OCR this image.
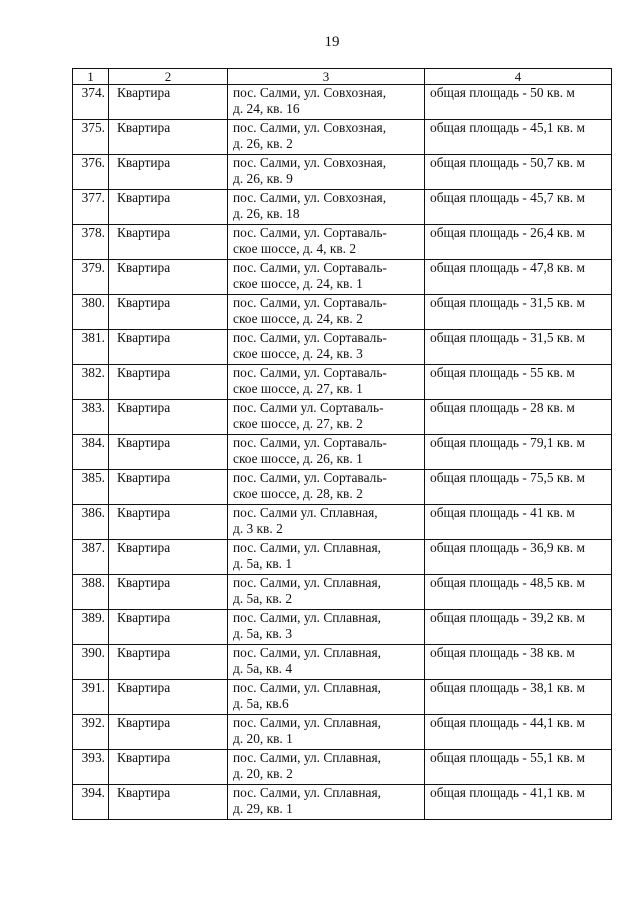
19
1	2	3	4
374.	Квартира	пос. Салми, ул. Совхозная,
д. 24, кв. 16	общая площадь - 50 кв. м
375.	Квартира	пос. Салми, ул. Совхозная,
д. 26, кв. 2	общая площадь - 45,1 кв. м
376.	Квартира	пос. Салми, ул. Совхозная,
д. 26, кв. 9	общая площадь - 50,7 кв. м
377.	Квартира	пос. Салми, ул. Совхозная,
д. 26, кв. 18	общая площадь - 45,7 кв. м
378.	Квартира	пос. Салми, ул. Сортаваль-
ское шоссе, д. 4, кв. 2	общая площадь - 26,4 кв. м
379.	Квартира	пос. Салми, ул. Сортаваль-
ское шоссе, д. 24, кв. 1	общая площадь - 47,8 кв. м
380.	Квартира	пос. Салми, ул. Сортаваль-
ское шоссе, д. 24, кв. 2	общая площадь - 31,5 кв. м
381.	Квартира	пос. Салми, ул. Сортаваль-
ское шоссе, д. 24, кв. 3	общая площадь - 31,5 кв. м
382.	Квартира	пос. Салми, ул. Сортаваль-
ское шоссе, д. 27, кв. 1	общая площадь - 55 кв. м
383.	Квартира	пос. Салми ул. Сортаваль-
ское шоссе, д. 27, кв. 2	общая площадь - 28 кв. м
384.	Квартира	пос. Салми, ул. Сортаваль-
ское шоссе, д. 26, кв. 1	общая площадь - 79,1 кв. м
385.	Квартира	пос. Салми, ул. Сортаваль-
ское шоссе, д. 28, кв. 2	общая площадь - 75,5 кв. м
386.	Квартира	пос. Салми ул. Сплавная,
д. 3 кв. 2	общая площадь - 41 кв. м
387.	Квартира	пос. Салми, ул. Сплавная,
д. 5а, кв. 1	общая площадь - 36,9 кв. м
388.	Квартира	пос. Салми, ул. Сплавная,
д. 5а, кв. 2	общая площадь - 48,5 кв. м
389.	Квартира	пос. Салми, ул. Сплавная,
д. 5а, кв. 3	общая площадь - 39,2 кв. м
390.	Квартира	пос. Салми, ул. Сплавная,
д. 5а, кв. 4	общая площадь - 38 кв. м
391.	Квартира	пос. Салми, ул. Сплавная,
д. 5а, кв.6	общая площадь - 38,1 кв. м
392.	Квартира	пос. Салми, ул. Сплавная,
д. 20, кв. 1	общая площадь - 44,1 кв. м
393.	Квартира	пос. Салми, ул. Сплавная,
д. 20, кв. 2	общая площадь - 55,1 кв. м
394.	Квартира	пос. Салми, ул. Сплавная,
д. 29, кв. 1	общая площадь - 41,1 кв. м
